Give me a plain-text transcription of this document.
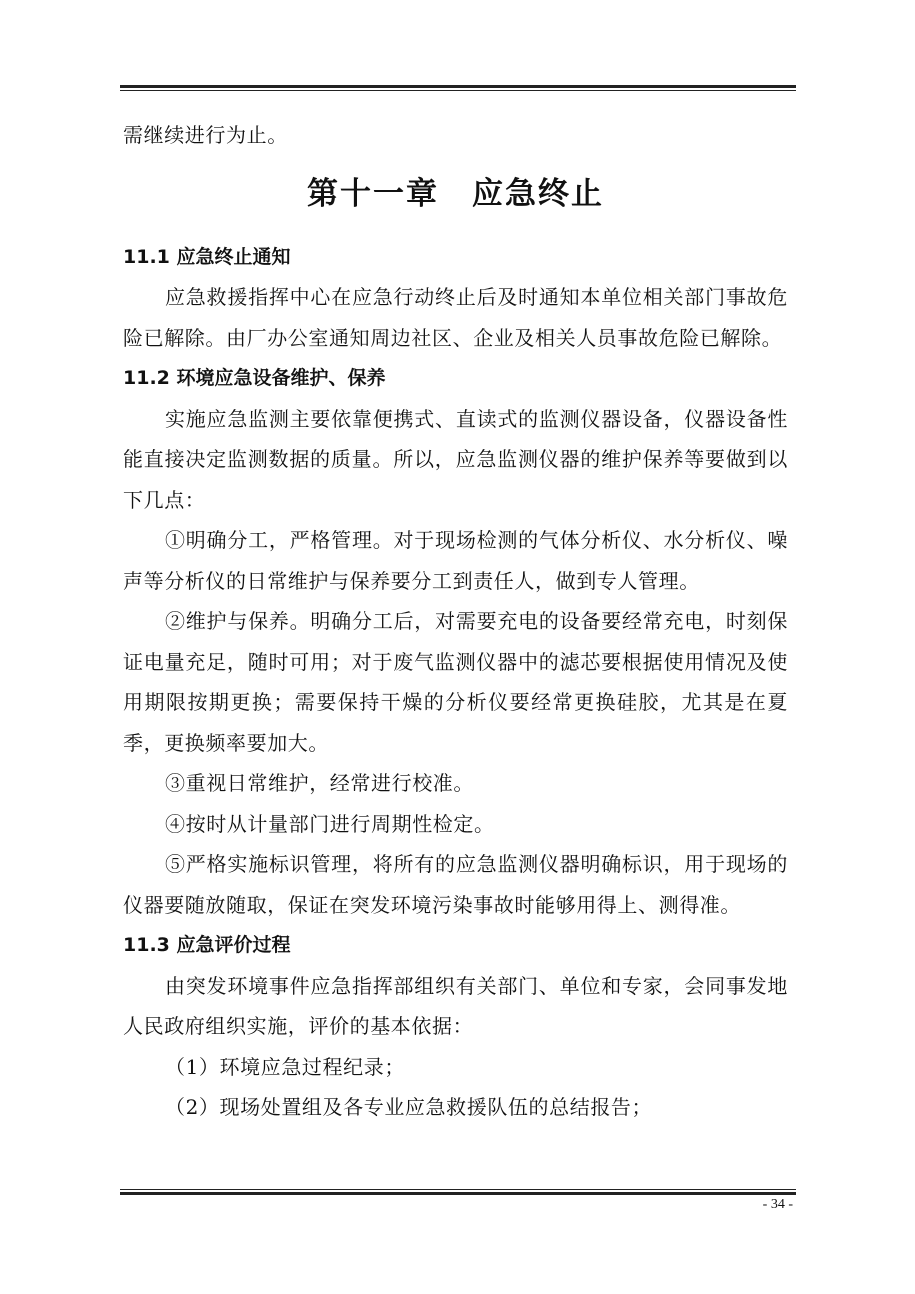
需继续进行为止。

第十一章　应急终止
11.1 应急终止通知

应急救援指挥中心在应急行动终止后及时通知本单位相关部门事故危险已解除。由厂办公室通知周边社区、企业及相关人员事故危险已解除。

11.2 环境应急设备维护、保养

实施应急监测主要依靠便携式、直读式的监测仪器设备，仪器设备性能直接决定监测数据的质量。所以，应急监测仪器的维护保养等要做到以下几点：

①明确分工，严格管理。对于现场检测的气体分析仪、水分析仪、噪声等分析仪的日常维护与保养要分工到责任人，做到专人管理。

②维护与保养。明确分工后，对需要充电的设备要经常充电，时刻保证电量充足，随时可用；对于废气监测仪器中的滤芯要根据使用情况及使用期限按期更换；需要保持干燥的分析仪要经常更换硅胶，尤其是在夏季，更换频率要加大。

③重视日常维护，经常进行校准。

④按时从计量部门进行周期性检定。

⑤严格实施标识管理，将所有的应急监测仪器明确标识，用于现场的仪器要随放随取，保证在突发环境污染事故时能够用得上、测得准。

11.3 应急评价过程

由突发环境事件应急指挥部组织有关部门、单位和专家，会同事发地人民政府组织实施，评价的基本依据：

（1）环境应急过程纪录；

（2）现场处置组及各专业应急救援队伍的总结报告；

- 34 -
